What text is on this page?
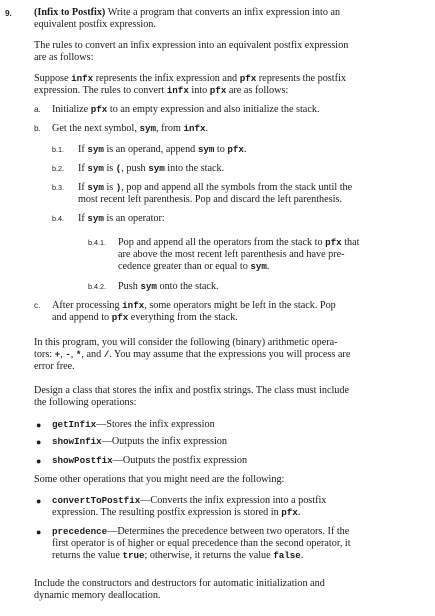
9. (Infix to Postfix) Write a program that converts an infix expression into an
equivalent postfix expression.
The rules to convert an infix expression into an equivalent postfix expression
are as follows:
Suppose infx represents the infix expression and pfx represents the postfix
expression. The rules to convert infx into pfx are as follows:
a. Initialize pfx to an empty expression and also initialize the stack.
b. Get the next symbol, sym, from infx.
b.1. If sym is an operand, append sym to pfx.
b.2. If sym is (, push sym into the stack.
b.3. If sym is ), pop and append all the symbols from the stack until the
most recent left parenthesis. Pop and discard the left parenthesis.
b.4. If sym is an operator:
b.4.1. Pop and append all the operators from the stack to pfx that
are above the most recent left parenthesis and have pre-
cedence greater than or equal to sym.
b.4.2. Push sym onto the stack.
c. After processing infx, some operators might be left in the stack. Pop
and append to pfx everything from the stack.
In this program, you will consider the following (binary) arithmetic opera-
tors: +, -, *, and /. You may assume that the expressions you will process are
error free.
Design a class that stores the infix and postfix strings. The class must include
the following operations:
● getInfix—Stores the infix expression
● showInfix—Outputs the infix expression
● showPostfix—Outputs the postfix expression
Some other operations that you might need are the following:
● convertToPostfix—Converts the infix expression into a postfix
expression. The resulting postfix expression is stored in pfx.
● precedence—Determines the precedence between two operators. If the
first operator is of higher or equal precedence than the second operator, it
returns the value true; otherwise, it returns the value false.
Include the constructors and destructors for automatic initialization and
dynamic memory deallocation.
